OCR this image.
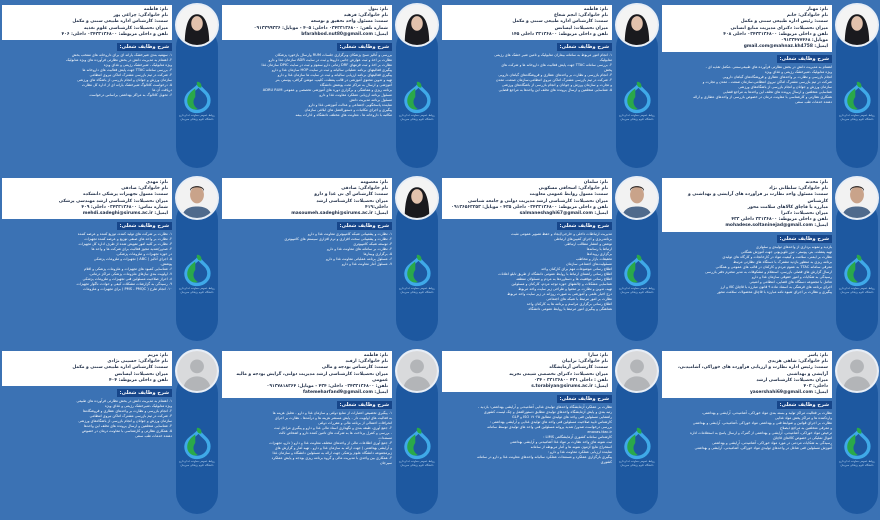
نام: فاطمه
نام خانوادگی: چراغی پور
سمت: کارشناس اداره طبیعی سنتی و مکمل
میزان تحصیلات: کارشناسی علوم تغذیه
تلفن و داخلی مربوطه: ۰۳۴۳۳۱۳۶۸۰۰ داخلی: ۴۰۶
شرح وظایف شغلی:
۱. سهمیه بندی شیرخشک یارانه ای برای داروخانه های منتخب بخش
۲. اهتمام به مدیریت دانش در بخش نظارتی فرآورده های ویژه متابولیک
ویژه متابولیک ، شیرخشک رژیمی و غذای ویژه
۳. بررسی سامانه TTAC جهت پایش فعالیت های داروخانه ها
۴. شرکت در تیم بازرسی مشترک اماکن نیروی انتظامی
سازمان ورزش و جوانان و انجام بازرسی از باشگاه های ورزشی
۵. درخواست کاتالوگ شیرخشک یارانه ای از اداره کل نظارت
دریافت آن ها
۶. تحویل کاتالوگ به مراکز بهداشتی براساس درخواست
روابط عمومی معاونت غذا و دارو دانشگاه علوم پزشکی سیرجان
نام: بتول
نام خانوادگی: فرهبد
سمت: مسئول واحد تحقیق و توسعه
شماره تلفن: ۰۳۴۳۳۱۳۶۸۰۰ داخلی: ۴۰۵ - موبایل: ۰۹۱۳۲۹۹۳۳۶
ایمیل: bfarahbod.nut80@gmail.com
شرح وظایف شغلی:
بررسی و آنالیز نسخ پزشکان وبرگزاری جلسات RUM وارسال بازخورد پزشکان
نظارت بر اخذ و ثبت عوارض جانبی داروها و ثبت در سایت ADR سازمان غذا و دارو
نظارت بر اخذ و ثبت فرمهای DRF زمانی دارو سموم و ثبت در سایت DPIC سازمان غذا
پیگیری فعالیتهای برنامه عملیاتی سالیانه و ثبت در سایت HOP سازمان غذا و دارو
پیگیری فعالیتهای برنامه ارزیابی سالیانه و ثبت در سایت ها سازمان غذا و دارو
تهیه و تدوین محتوی آموزشی در قالب پمفلت، کلیپ، موشن گرافی، پوستر، بنر
آموزشی و ارسال به مراکز تحت پوشش دانشگاه
برنامه ریزی و هماهنگی و برگزاری دوره های آموزشی تخصصی و عمومی ADRU RUM
مسئول برنامه ارزیابی عملکرد معاونت غذا و دارو
مسئول برنامه مدیریت دانش
نماینده پاسخگویی اجتماعی و عدالت آموزشی غذا و دارو
پیگیری و اجرای مکاتبات و دستورالعمل های ابلاغی سازمان
مکاتبه با داروخانه ها ، معاونت های مختلف دانشگاه و ادارات بیمه	روابط عمومی معاونت غذا و دارو دانشگاه علوم پزشکی سیرجان
نام: فاطمه
نام خانوادگی: انجم شعاع
سمت: کارشناس اداره طبیعی سنتی و مکمل
میزان تحصیلات: لیسانس
تلفن و داخلی مربوطه: ۳۳۱۳۶۸۰۰ داخلی ۱۴۵
شرح وظایف شغلی:
۱. انجام امور مربوط به سامانه بیماران متابولیک و تامین شیر خشک های رژیمی
متابولیک
۲. بررسی سامانه TTAC جهت پایش فعالیت های داروخانه ها و شرکت های
پخش
۳. انجام بازرسی و نظارت بر واحدهای عطاری و فروشگاه‌های گیاهان دارویی
۴. شرکت در تیم بازرسی مشترک اماکن نیروی انتظامی،سازمان صنعت، معدن
و تجارت و سازمان ورزش و جوانان و انجام بازرسی از باشگاه‌های ورزشی
۵. شناسایی متخلفین و ارسال پرونده های تخلف این واحدها به مراجع قضایی
روابط عمومی معاونت غذا و دارو دانشگاه علوم پزشکی سیرجان
نام: مهناز
نام خانوادگی: خانم
سمت: رئیس اداره طبیعی سنتی و مکمل
میزان تحصیلات: دکترای مدیریت منابع انسانی
تلفن و داخلی مربوطه: ۰۳۴۳۳۱۳۶۸۰۰ داخلی ۴۰۸
موبایل: ۰۹۱۳۳۴۷۷۴۶۸
ایمیل: gmail.com@mahnaz.kh4758
شرح وظایف شغلی:
اهتمام به مدیریت دانش در بخش نظارتی فرآورده های طبیعی‌سنتی ،مکمل تغذیه ای ،
ویژه متابولیک ،شیرخشک رژیمی و غذای ویژه
انجام بازرسی و نظارت بر واحدهای عطاری و فروشگاه‌های گیاهان دارویی
شرکت در تیم بازرسی مشترک اماکن نیروی انتظامی،سازمان صنعت ، معدن و تجارت و
سازمان ورزش و جوانان و انجام بازرسی از باشگاه‌های ورزشی
شناسایی متخلفین و ارسال پرونده های تخلف این واحدها به مراجع قضایی
همکاری نظارتی و کارشناسی با معاونت درمان در خصوص بازرسی از واحدهای عطاری و ارائه
دهنده خدمات طب سنتی
روابط عمومی معاونت غذا و دارو دانشگاه علوم پزشکی سیرجان
نام: مهدی
نام خانوادگی: صادقی
سمت: مسول تجهیزات پزشکی دانشکده
میزان تحصیلات: کارشناسی ارشد مهندسی پزشکی
شماره تماس: ۰۳۴۳۳۱۳۶۸۰۰ داخلی: ۴۰۹
ایمیل: mehdi.sadeghi@sirums.ac.ir
شرح وظایف شغلی:
۱. نظارت بر شرکت های تولید کننده، توزیع کننده و عرضه کننده
۲. نظارت بر واحد های صنفی توزیع و عرضه کننده تجهیزات
۳. نظارت بر کلیه امور تفویض شده از طرف اداره کل تجهیزات
۴. صدور/تمدید مجوز فعالیت برای شرکت ها و واحد ها
در حوزه تجهیزات و ملزومات پزشکی.
۵. اجرای آنالیز ( ABC ) تجهیزات و ملزومات پزشکی
پوشش.
۶. شناسایی کمبود های تجهیزات و ملزومات پزشکی و اقلام
۷. اولویت بندی نیازهای ملزومات پزشکی مراکز درمانی.
۸. احراز صلاحیت مسئولین فنی تجهیزات و ملزومات پزشکی
۹. رسیدگی به گزارشات مشکلات کیفی و حوادث ناگوار تجهیزات
۱۰. انجام طرح ( PMS - PMQC ) برای تجهیزات و ملزومات	روابط عمومی معاونت غذا و دارو دانشگاه علوم پزشکی سیرجان
نام: معصومه
نام خانوادگی: صادقی
سمت: کارشناس آی تی غذا و دارو
میزان تحصیلات: کارشناسی ارشد
داخلی:۴۱۹
ایمیل: masoumeh.sadeghi@sirums.ac.ir
شرح وظایف شغلی:
۱- نظارت و پشتیبانی شبکه کامپیوتری معاونت غذا و دارو
۲- نظارت و پشتیبانی سخت افزاری و نرم افزاری سیستم های کامپیوتری
۳- توسعه شبکه کامپیوتری
۴- نظارت بر سامانه های معاونت غذا و دارو
۵- برگزاری وبینارها
۶- مسئول برنامه عملیاتی معاونت غذا و دارو
۷- مسئول آمار معاونت غذا و دارو
روابط عمومی معاونت غذا و دارو دانشگاه علوم پزشکی سیرجان
نام: سلمان
نام خانوادگی: اسحاقی مسکونی
سمت: مسول روابط عمومی معاونت
میزان تحصیلات: کارشناسی ارشد مدیریت دولتی و جامعه شناسی
تلفن و داخلی مربوطه: ۰۳۴۳۳۱۳۶۸۰۰ داخلی ۴۳۵ - موبایل: ۰۹۱۳۶۵۶۳۲۵۳
ایمیل: salmaneshaghi67@gmail.com
شرح وظایف شغلی:
مدیریت ارتباطات داخلی و خارجی/ایجاد و حفظ تصویر عمومی مثبت
برنامه‌ریزی و اجرای کمپین‌های ارتباطی
نوشتن و انتشار مطالب ارتباطی
ارتباط با رسانه‌ها
برگزاری رویدادها
تحقیقات بازار و مخاطب
مسئولیت‌های اجتماعی سازمان
اطلاع رسانی موضوعات مهم برای کارکنان واحد
اطلاع رسانی راهنمای ارتباط با روابط عمومی دانشگاه از طریق تابلو اعلانات
اطلاع رسانی موفقیت ها و دستاوردها به مردم و مسئولان منطقه
شناسایی مشکلات و چالشهای حوزه توجه مردم، کارکنان و مسئولین
تهیه، تدوین و نظارت بر محتوا و طراحی زیر سایت واحد مربوط
درج اخبار علمی و آموزشی به صورت روزانه در زیر سایت واحد مربوط
نظارت بر امور مرتبط با شبکه های اجتماعی
اطلاع رسانی برگزاری مراسم و برنامه ها به کارکنان واحد
هماهنگی و پیگیری امور مرتبط با روابط عمومی دانشگاه
روابط عمومی معاونت غذا و دارو دانشگاه علوم پزشکی سیرجان
نام: محدثه
نام خانوادگی: سلطانی نژاد
سمت: مسئول واحد نظارت بر فرآورده های آرایشی و بهداشتی و کارشناس
مبارزه با قاچاق کالاهای سلامت محور
میزان تحصیلات: دکترا
تلفن و داخلی مربوطه: ۳۳۱۳۶۸۰۰ داخلی ۴۳۳
ایمیل: mohadese.soltaninejad@gmail.com
شرح وظایف شغلی:
بازدید و نمونه برداری از واحدهای تولیدی و سلولزی
تهیه پمفلت، بنر، پوستر ، تیزر تلویزیونی جهت آموزش همگانی
نظارت بر ایمنی، سلامت و کیفیت مواد در کارخانجات و کارگاه های تولیدی
برنامه ریزی به منظور بازدید مشترک با دستگاه های نظارتی مرتبط
معرفی سامانه TTAC به عموم مردم و کارکنان در قالب های عمومی و همگانی
ارسال گزارش های فصلی بازرسی، استعلام و مشکوفات به مدیر محترم دفتر بازرسی
رسیدگی به شکایات و امور حقوقی سازمان غذا و دارو
تعامل با مجموعه دستگاه های قضایی، انتظامی و امنیتی
اجرای برنامه های فرهنگی به استناد ماده ۹ قانون مبارزه با قاچاق کالا و ارز
پیگیری و نظارت بر اجرای شیوه نامه مبارزه با قاچاق محصولات سلامت محور
روابط عمومی معاونت غذا و دارو دانشگاه علوم پزشکی سیرجان
نام: مریم
نام خانوادگی: حسینی نژادی
سمت: کارشناس اداره طبیعی سنتی و مکمل
میزان تحصیلات: لیسانس
تلفن و داخلی مربوطه: ۴۰۴
شرح وظایف شغلی:
۱. اهتمام به مدیریت دانش در بخش نظارتی فرآورده های طبیعی
ویژه متابولیک ،شیرخشک رژیمی و غذای ویژه
۲. انجام بازرسی و نظارت بر واحدهای عطاری و فروشگاه‌ها
۳. شرکت در تیم بازرسی مشترک اماکن نیروی انتظامی
سازمان ورزش و جوانان و انجام بازرسی از باشگاه‌های ورزشی
۴. شناسایی متخلفین و ارسال پرونده های تخلف این واحدها
۵. همکاری نظارتی و کارشناسی با معاونت درمان در خصوص
دهنده خدمات طب سنتی
روابط عمومی معاونت غذا و دارو دانشگاه علوم پزشکی سیرجان
نام: فاطمه
نام خانوادگی: ارفند
سمت: کارشناس بودجه و مالی
میزان تحصیلات: کارشناسی ارشد مدیریت دولتی، گرایش بودجه و مالیه عمومی
تلفن: ۰۳۴۳۳۱۳۶۸۰۰ داخلی: ۴۳۴ - موبایل: ۰۹۱۳۷۸۱۸۳۶۴
ایمیل: fatemeharfand9@gmail.com
شرح وظایف شغلی:
۱- پیگیری تخصیص اعتبارات از منابع دولتی و سازمان غذا و دارو - تحلیل هزینه ها
به فعالیت های اولویت دار - پایش مستمر هزینه ها و درآمدها - نظارت بر اجرای
انحرافات احتمالی از برنامه مالی و مقررات دولتی
۲- جمع آوری، طبقه بندی و نگهداری اسناد مالی غذا و دارو و پیگیری مراحل ثبت
- بررسی و کنترل پرداخت ها به شرکت های تامین کننده دارو و اشخاص ثالث
مستندات
۳- جمع آوری اطلاعات مالی از واحدهای مختلف معاونت غذا و دارو ( دارو، تجهیزات
و آرایشی بهداشتی ) جهت ارائه به سازمان غذا و دارو - تهیه آمار و گزارش های
زیرمجموعه دانشگاه علوم پزشکی جهت ارائه به مسئولین دانشگاه و سازمان غذا
۴- همکاری بین واحدی با مدیریت مالی و گروه برنامه ریزی بودجه و پایش عملکرد
سیرجان	روابط عمومی معاونت غذا و دارو دانشگاه علوم پزشکی سیرجان
نام: سارا
نام خانوادگی: ترابیان
سمت: کارشناس آزمایشگاه
میزان تحصیلات: دکترای تخصصی شیمی تجزیه
تلفن : داخلی ۴۳۱ ۳۳۱۳۶۸۰۰ - ۰۳۴
ایمیل: s.torabiyan@sirums.ac.ir
شرح وظایف شغلی:
نظارت بر عملکرد آزمایشگاه واحدهای تولیدی غذایی آشامیدنی و آرایشی بهداشتی: بازدید ،
رتبه بندی و پایش آزمایشگاه واحدهای تولیدی مطابق دستورالعمل و چک لیست کشوری
راهنمایی مسئولین فنی واحد های تولیدی مطابق ISO ۱۷۰۲۵ و GLP
کارشناس تایید صلاحیت مسئولین فنی واحد های تولیدی غذایی و آرایشی بهداشتی :
بررسی درخواست صدور/ تمدید پروانه مسئولین فنی واحد های تولیدی توسط سامانه
enovas.ttac.ir
کارشناس سامانه کشوری آزمایشگاهی LIMS :
ثبت نمونه های واحد نظارت بر مواد غذا آشامیدنی و آرایشی بهداشتی
استخراج نتایج آزمون نمونه ها و آمار مربوطه از سامانه
نماینده ارزیابی عملکرد معاونت غذا و دارو :
پیگیری بارگزاری عملکرد و مستندات عملکرد سالیانه واحدهای معاونت غذا و دارو در سامانه
کشوری	روابط عمومی معاونت غذا و دارو دانشگاه علوم پزشکی سیرجان
نام: یاسر
نام خانوادگی: شاهی هریدی
سمت: رئیس اداره نظارت و ارزیابی فرآورده های خوراکی، آشامیدنی، آرایشی و بهداشتی
میزان تحصیلات: کارشناسی ارشد
داخلی: ۴۰۳
ایمیل: yasershahi69@gmail.com
شرح وظایف شغلی:
نظارت بر فعالیت مراکز تولید و بسته بندی مواد خوراکی، آشامیدنی، آرایشی و بهداشتی،
واردکننده ها و مراکز پخش مواد غذایی
نظارت بر اجرای قوانین و ضوابط فنی و بهداشتی مواد خوراکی ،آشامیدنی، آرایشی و بهداشتی
و معرفی متخلفین به مراجع ذیصلاح
ترخیص مواد خوراکی، آشامیدنی، آرایشی و بهداشتی از گمرک و ارسال پاسخ به استعلامات اداره
اموال تملیکی در خصوص کالاهای قاچاق
رسیدگی به شکایات مردمی در مورد مواد خوراکی، آشامیدنی، آرایشی و بهداشتی
آموزش مسئولین فنی شاغل در واحدهای تولیدی مواد خوراکی، آشامیدنی، آرایشی و بهداشتی
روابط عمومی معاونت غذا و دارو دانشگاه علوم پزشکی سیرجان
